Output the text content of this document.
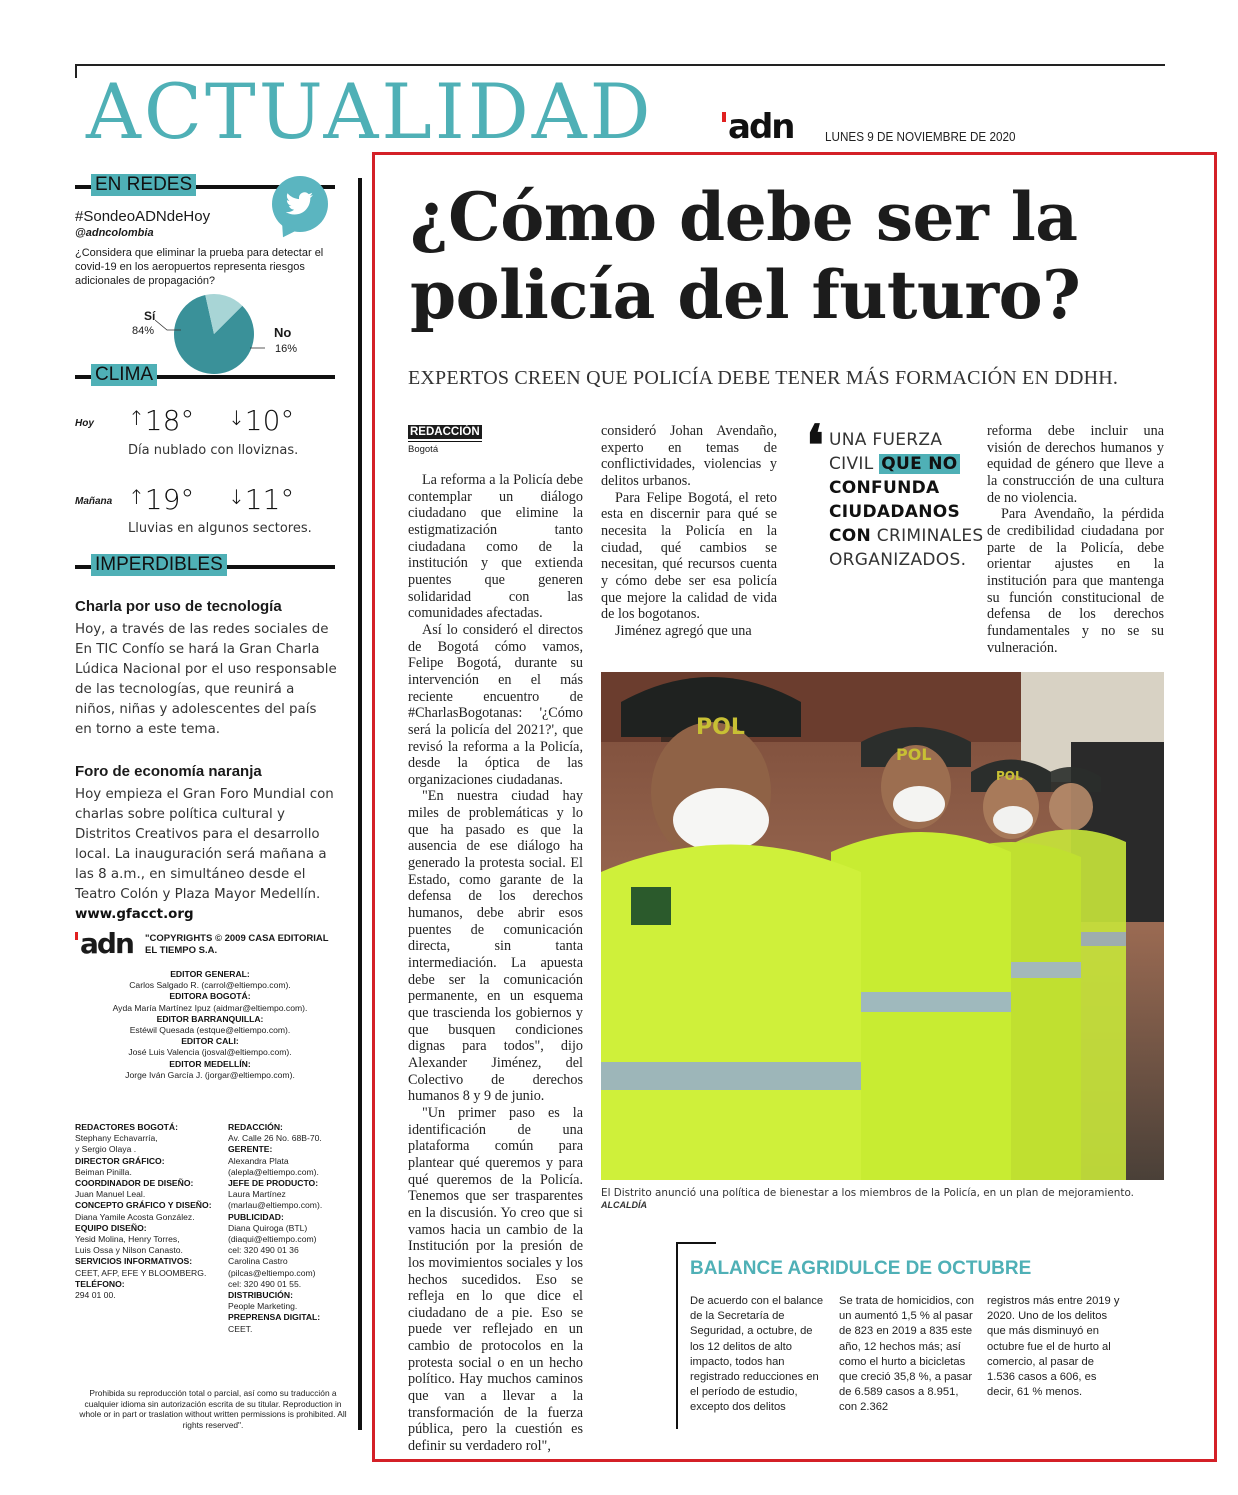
ACTUALIDAD adn LUNES 9 DE NOVIEMBRE DE 2020
EN REDES
#SondeoADNdeHoy
@adncolombia
¿Considera que eliminar la prueba para detectar el covid-19 en los aeropuertos representa riesgos adicionales de propagación?
Sí
84%	No
16%
CLIMA
Hoy ↑18° ↓10°
Día nublado con lloviznas.
Mañana ↑19° ↓11°
Lluvias en algunos sectores.
IMPERDIBLES
Charla por uso de tecnología
Hoy, a través de las redes sociales de En TIC Confío se hará la Gran Charla Lúdica Nacional por el uso responsable de las tecnologías, que reunirá a niños, niñas y adolescentes del país en torno a este tema.
Foro de economía naranja
Hoy empieza el Gran Foro Mundial con charlas sobre política cultural y Distritos Creativos para el desarrollo local. La inauguración será mañana a las 8 a.m., en simultáneo desde el Teatro Colón y Plaza Mayor Medellín. www.gfacct.org
adn "COPYRIGHTS © 2009 CASA EDITORIAL EL TIEMPO S.A.
EDITOR GENERAL:
Carlos Salgado R. (carrol@eltiempo.com).
EDITORA BOGOTÁ:
Ayda María Martínez Ipuz (aidmar@eltiempo.com).
EDITOR BARRANQUILLA:
Estéwil Quesada (estque@eltiempo.com).
EDITOR CALI:
José Luis Valencia (josval@eltiempo.com).
EDITOR MEDELLÍN:
Jorge Iván García J. (jorgar@eltiempo.com).
REDACTORES BOGOTÁ:
Stephany Echavarría,
y Sergio Olaya .
DIRECTOR GRÁFICO:
Beiman Pinilla.
COORDINADOR DE DISEÑO:
Juan Manuel Leal.
CONCEPTO GRÁFICO Y DISEÑO:
Diana Yamile Acosta González.
EQUIPO DISEÑO:
Yesid Molina, Henry Torres,
Luis Ossa y Nilson Canasto.
SERVICIOS INFORMATIVOS:
CEET, AFP, EFE Y BLOOMBERG.
TELÉFONO:
294 01 00.
REDACCIÓN:
Av. Calle 26 No. 68B-70.
GERENTE:
Alexandra Plata
(alepla@eltiempo.com).
JEFE DE PRODUCTO:
Laura Martínez
(marlau@eltiempo.com).
PUBLICIDAD:
Diana Quiroga (BTL)
(diaqui@eltiempo.com)
cel: 320 490 01 36
Carolina Castro
(pilcas@eltiempo.com)
cel: 320 490 01 55.
DISTRIBUCIÓN:
People Marketing.
PREPRENSA DIGITAL:
CEET.
Prohibida su reproducción total o parcial, así como su traducción a cualquier idioma sin autorización escrita de su titular. Reproduction in whole or in part or traslation without written permissions is prohibited. All rights reserved".
¿Cómo debe ser la policía del futuro?
EXPERTOS CREEN QUE POLICÍA DEBE TENER MÁS FORMACIÓN EN DDHH.
REDACCIÓN
Bogotá

La reforma a la Policía debe contemplar un diálogo ciudadano que elimine la estigmatización tanto ciudadana como de la institución y que extienda puentes que generen solidaridad con las comunidades afectadas.

Así lo consideró el directos de Bogotá cómo vamos, Felipe Bogotá, durante su intervención en el más reciente encuentro de #CharlasBogotanas: '¿Cómo será la policía del 2021?', que revisó la reforma a la Policía, desde la óptica de las organizaciones ciudadanas.

"En nuestra ciudad hay miles de problemáticas y lo que ha pasado es que la ausencia de ese diálogo ha generado la protesta social. El Estado, como garante de la defensa de los derechos humanos, debe abrir esos puentes de comunicación directa, sin tanta intermediación. La apuesta debe ser la comunicación permanente, en un esquema que trascienda los gobiernos y que busquen condiciones dignas para todos", dijo Alexander Jiménez, del Colectivo de derechos humanos 8 y 9 de junio.

"Un primer paso es la identificación de una plataforma común para plantear qué queremos y para qué queremos de la Policía. Tenemos que ser trasparentes en la discusión. Yo creo que si vamos hacia un cambio de la Institución por la presión de los movimientos sociales y los hechos sucedidos. Eso se refleja en lo que dice el ciudadano de a pie. Eso se puede ver reflejado en un cambio de protocolos en la protesta social o en un hecho político. Hay muchos caminos que van a llevar a la transformación de la fuerza pública, pero la cuestión es definir su verdadero rol",

consideró Johan Avendaño, experto en temas de conflictividades, violencias y delitos urbanos.

Para Felipe Bogotá, el reto esta en discernir para qué se necesita la Policía en la ciudad, qué cambios se necesitan, qué recursos cuenta y cómo debe ser esa policía que mejore la calidad de vida de los bogotanos.

Jiménez agregó que una

❛ UNA FUERZA CIVIL QUE NO CONFUNDA CIUDADANOS CON CRIMINALES ORGANIZADOS.

reforma debe incluir una visión de derechos humanos y equidad de género que lleve a la construcción de una cultura de no violencia.

Para Avendaño, la pérdida de credibilidad ciudadana por parte de la Policía, debe orientar ajustes en la institución para que mantenga su función constitucional de defensa de los derechos fundamentales y no se su vulneración.

POL
POL
POL
El Distrito anunció una política de bienestar a los miembros de la Policía, en un plan de mejoramiento. ALCALDÍA
BALANCE AGRIDULCE DE OCTUBRE
De acuerdo con el balance de la Secretaría de Seguridad, a octubre, de los 12 delitos de alto impacto, todos han registrado reducciones en el período de estudio, excepto dos delitos
Se trata de homicidios, con un aumentó 1,5 % al pasar de 823 en 2019 a 835 este año, 12 hechos más; así como el hurto a bicicletas que creció 35,8 %, a pasar de 6.589 casos a 8.951, con 2.362
registros más entre 2019 y 2020. Uno de los delitos que más disminuyó en octubre fue el de hurto al comercio, al pasar de 1.536 casos a 606, es decir, 61 % menos.
